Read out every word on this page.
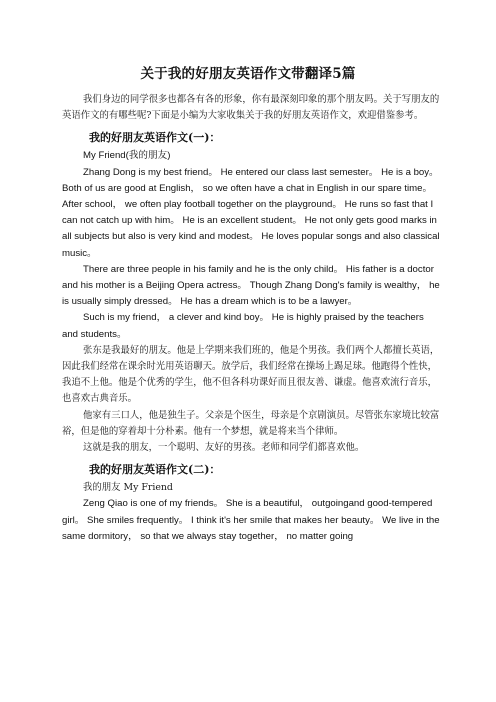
关于我的好朋友英语作文带翻译5篇

我们身边的同学很多也都各有各的形象，你有最深刻印象的那个朋友吗。关于写朋友的英语作文的有哪些呢?下面是小编为大家收集关于我的好朋友英语作文，欢迎借鉴参考。

我的好朋友英语作文(一)：

My Friend(我的朋友)

Zhang Dong is my best friend。 He entered our class last semester。 He is a boy。 Both of us are good at English， so we often have a chat in English in our spare time。 After school， we often play football together on the playground。 He runs so fast that I can not catch up with him。 He is an excellent student。 He not only gets good marks in all subjects but also is very kind and modest。 He loves popular songs and also classical music。

There are three people in his family and he is the only child。 His father is a doctor and his mother is a Beijing Opera actress。 Though Zhang Dong's family is wealthy， he is usually simply dressed。 He has a dream which is to be a lawyer。

Such is my friend， a clever and kind boy。 He is highly praised by the teachers and students。

张东是我最好的朋友。他是上学期来我们班的，他是个男孩。我们两个人都擅长英语，因此我们经常在课余时光用英语聊天。放学后，我们经常在操场上踢足球。他跑得个性快，我追不上他。他是个优秀的学生，他不但各科功课好而且很友善、谦虚。他喜欢流行音乐，也喜欢古典音乐。

他家有三口人，他是独生子。父亲是个医生，母亲是个京剧演员。尽管张东家境比较富裕，但是他的穿着却十分朴素。他有一个梦想，就是将来当个律师。

这就是我的朋友，一个聪明、友好的男孩。老师和同学们都喜欢他。

我的好朋友英语作文(二)：

我的朋友 My Friend

Zeng Qiao is one of my friends。 She is a beautiful， outgoingand good-tempered girl。 She smiles frequently。 I think it's her smile that makes her beauty。 We live in the same dormitory， so that we always stay together， no matter going
